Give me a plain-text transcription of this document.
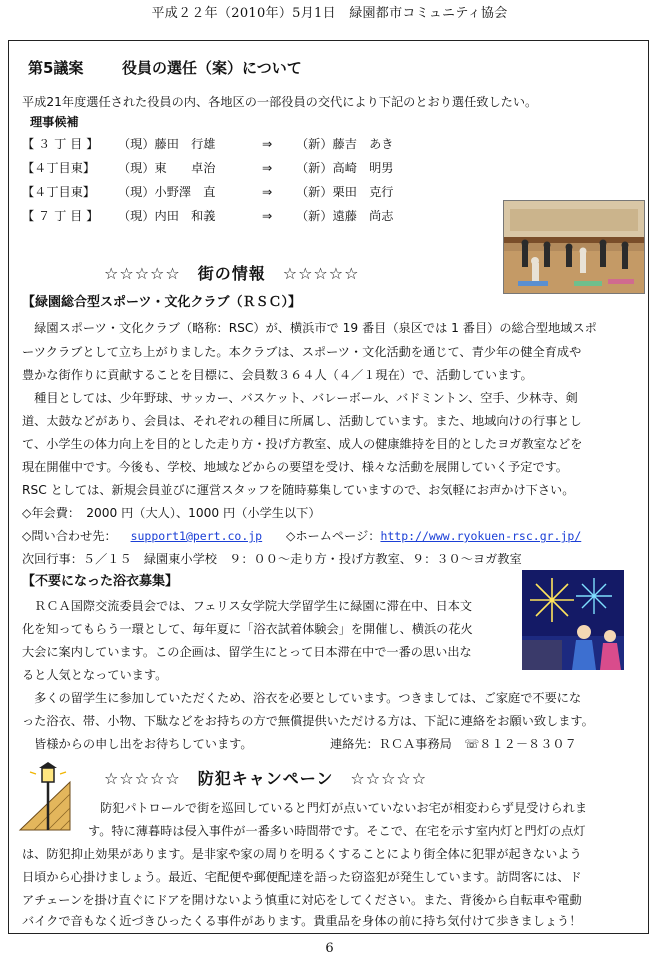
平成２２年（2010年）5月1日　緑園都市コミュニティ協会
第5議案	役員の選任（案）について
平成21年度選任された役員の内、各地区の一部役員の交代により下記のとおり選任致したい。
理事候補
【 ３ 丁 目 】 （現）藤田　行雄	⇒ （新）藤吉　あき
【４丁目東】 （現）東　　卓治	⇒ （新）高崎　明男
【４丁目東】 （現）小野澤　直	⇒ （新）栗田　克行
【 ７ 丁 目 】 （現）内田　和義	⇒ （新）遠藤　尚志
☆☆☆☆☆　街の情報　☆☆☆☆☆
【緑園総合型スポーツ・文化クラブ（ＲＳＣ）】
　緑園スポーツ・文化クラブ（略称：RSC）が、横浜市で 19 番目（泉区では 1 番目）の総合型地域スポ
ーツクラブとして立ち上がりました。本クラブは、スポーツ・文化活動を通じて、青少年の健全育成や
豊かな街作りに貢献することを目標に、会員数３６４人（４／１現在）で、活動しています。
　種目としては、少年野球、サッカー、バスケット、バレーボール、バドミントン、空手、少林寺、剣
道、太鼓などがあり、会員は、それぞれの種目に所属し、活動しています。また、地域向けの行事とし
て、小学生の体力向上を目的とした走り方・投げ方教室、成人の健康維持を目的としたヨガ教室などを
現在開催中です。今後も、学校、地域などからの要望を受け、様々な活動を展開していく予定です。
RSC としては、新規会員並びに運営スタッフを随時募集していますので、お気軽にお声かけ下さい。
◇年会費：　2000 円（大人）、1000 円（小学生以下）
◇問い合わせ先： support1@pert.co.jp ◇ホームページ：http://www.ryokuen-rsc.gr.jp/
次回行事：５／１５　緑園東小学校　９：００～走り方・投げ方教室、９：３０～ヨガ教室
【不要になった浴衣募集】
　ＲＣＡ国際交流委員会では、フェリス女学院大学留学生に緑園に滞在中、日本文
化を知ってもらう一環として、毎年夏に「浴衣試着体験会」を開催し、横浜の花火
大会に案内しています。この企画は、留学生にとって日本滞在中で一番の思い出な
ると人気となっています。
　多くの留学生に参加していただくため、浴衣を必要としています。つきましては、ご家庭で不要にな
った浴衣、帯、小物、下駄などをお持ちの方で無償提供いただける方は、下記に連絡をお願い致します。
　皆様からの申し出をお待ちしています。	連絡先：ＲＣＡ事務局　☏８１２－８３０７
☆☆☆☆☆　防犯キャンペーン　☆☆☆☆☆
防犯パトロールで街を巡回していると門灯が点いていないお宅が相変わらず見受けられま
す。特に薄暮時は侵入事件が一番多い時間帯です。そこで、在宅を示す室内灯と門灯の点灯
は、防犯抑止効果があります。是非家や家の周りを明るくすることにより街全体に犯罪が起きないよう
日頃から心掛けましょう。最近、宅配便や郵便配達を語った窃盗犯が発生しています。訪問客には、ド
アチェーンを掛け直ぐにドアを開けないよう慎重に対応をしてください。また、背後から自転車や電動
バイクで音もなく近づきひったくる事件があります。貴重品を身体の前に持ち気付けて歩きましょう！
6
